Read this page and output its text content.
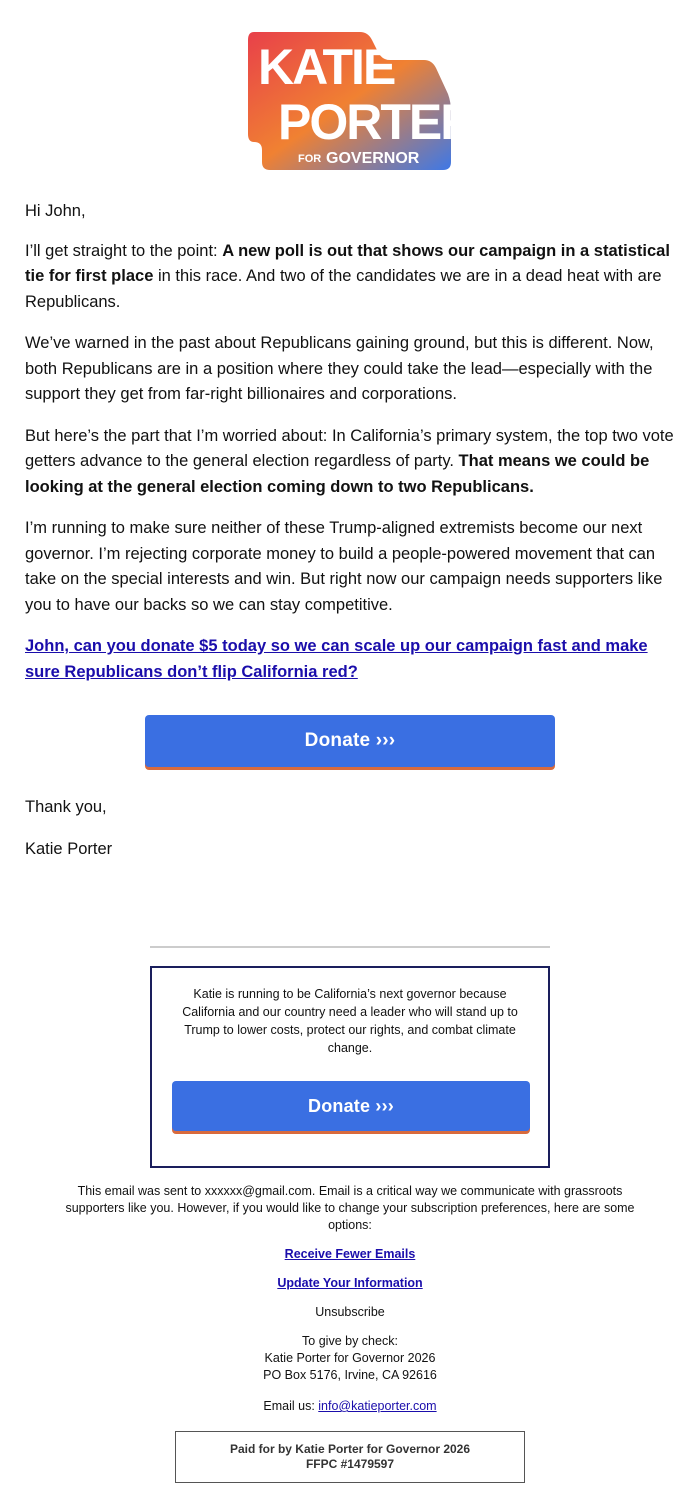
KATIE
PORTER
FOR GOVERNOR

Hi John,

I’ll get straight to the point: A new poll is out that shows our campaign in a statistical tie for first place in this race. And two of the candidates we are in a dead heat with are Republicans.

We’ve warned in the past about Republicans gaining ground, but this is different. Now, both Republicans are in a position where they could take the lead—especially with the support they get from far-right billionaires and corporations.

But here’s the part that I’m worried about: In California’s primary system, the top two vote getters advance to the general election regardless of party. That means we could be looking at the general election coming down to two Republicans.

I’m running to make sure neither of these Trump-aligned extremists become our next governor. I’m rejecting corporate money to build a people-powered movement that can take on the special interests and win. But right now our campaign needs supporters like you to have our backs so we can stay competitive.

John, can you donate $5 today so we can scale up our campaign fast and make sure Republicans don’t flip California red?

Donate ›››
Thank you,
Katie Porter
Katie is running to be California’s next governor because California and our country need a leader who will stand up to Trump to lower costs, protect our rights, and combat climate change.
Donate ›››

This email was sent to xxxxxx@gmail.com. Email is a critical way we communicate with grassroots supporters like you. However, if you would like to change your subscription preferences, here are some options:

Receive Fewer Emails

Update Your Information

Unsubscribe

To give by check:
Katie Porter for Governor 2026
PO Box 5176, Irvine, CA 92616

Email us: info@katieporter.com

Paid for by Katie Porter for Governor 2026
FFPC #1479597
